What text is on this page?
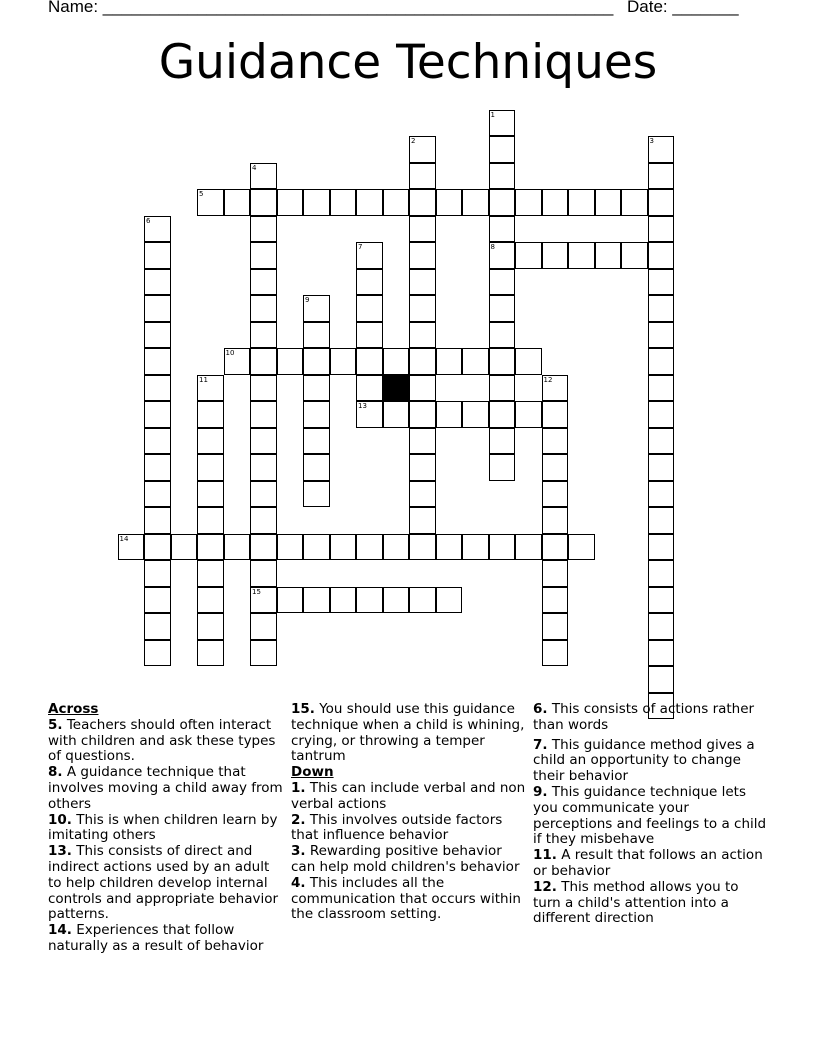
Name: ______________________________________________________ Date: _______
Guidance Techniques
5
8
10
13
14
15
1
2	3
4
6
7
9
11	12
Across
5. Teachers should often interact with children and ask these types of questions.
8. A guidance technique that involves moving a child away from others
10. This is when children learn by imitating others
13. This consists of direct and indirect actions used by an adult to help children develop internal controls and appropriate behavior patterns.
14. Experiences that follow naturally as a result of behavior
15. You should use this guidance technique when a child is whining, crying, or throwing a temper tantrum
Down
1. This can include verbal and non verbal actions
2. This involves outside factors that influence behavior
3. Rewarding positive behavior can help mold children's behavior
4. This includes all the communication that occurs within the classroom setting.
6. This consists of actions rather than words
7. This guidance method gives a child an opportunity to change their behavior
9. This guidance technique lets you communicate your perceptions and feelings to a child if they misbehave
11. A result that follows an action or behavior
12. This method allows you to turn a child's attention into a different direction
